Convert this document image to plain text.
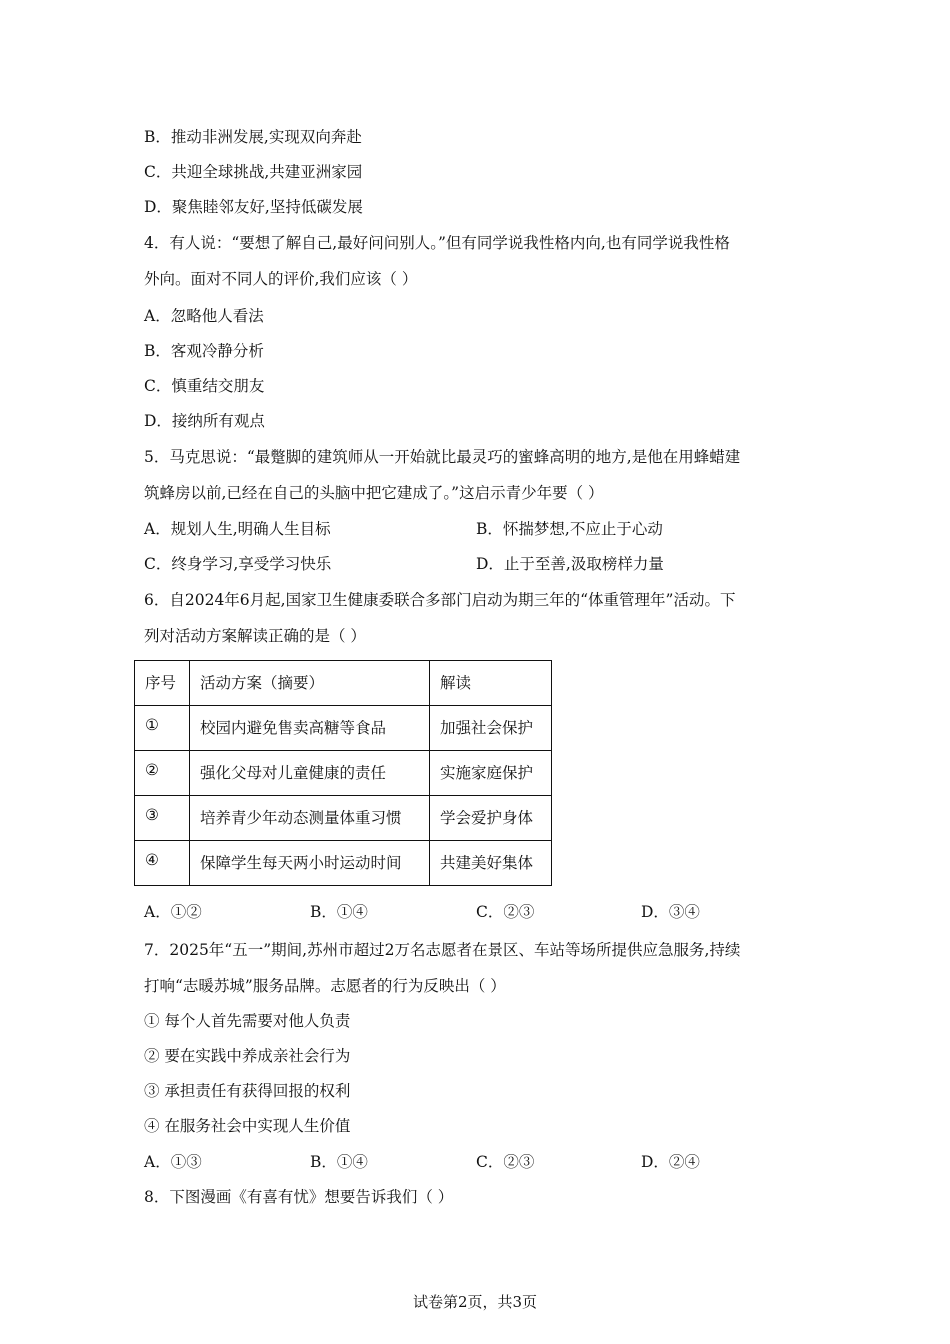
B．推动非洲发展,实现双向奔赴
C．共迎全球挑战,共建亚洲家园
D．聚焦睦邻友好,坚持低碳发展
4．有人说：“要想了解自己,最好问问别人。”但有同学说我性格内向,也有同学说我性格
外向。面对不同人的评价,我们应该（ ）
A．忽略他人看法
B．客观冷静分析
C．慎重结交朋友
D．接纳所有观点
5．马克思说：“最蹩脚的建筑师从一开始就比最灵巧的蜜蜂高明的地方,是他在用蜂蜡建
筑蜂房以前,已经在自己的头脑中把它建成了。”这启示青少年要（ ）
A．规划人生,明确人生目标	B．怀揣梦想,不应止于心动
C．终身学习,享受学习快乐	D．止于至善,汲取榜样力量
6．自2024年6月起,国家卫生健康委联合多部门启动为期三年的“体重管理年”活动。下
列对活动方案解读正确的是（ ）
序号	活动方案（摘要）	解读
①	校园内避免售卖高糖等食品	加强社会保护
②	强化父母对儿童健康的责任	实施家庭保护
③	培养青少年动态测量体重习惯	学会爱护身体
④	保障学生每天两小时运动时间	共建美好集体
A．①②	B．①④	C．②③	D．③④
7．2025年“五一”期间,苏州市超过2万名志愿者在景区、车站等场所提供应急服务,持续
打响“志暖苏城”服务品牌。志愿者的行为反映出（ ）
① 每个人首先需要对他人负责
② 要在实践中养成亲社会行为
③ 承担责任有获得回报的权利
④ 在服务社会中实现人生价值
A．①③	B．①④	C．②③	D．②④
8．下图漫画《有喜有忧》想要告诉我们（ ）
试卷第2页，共3页
